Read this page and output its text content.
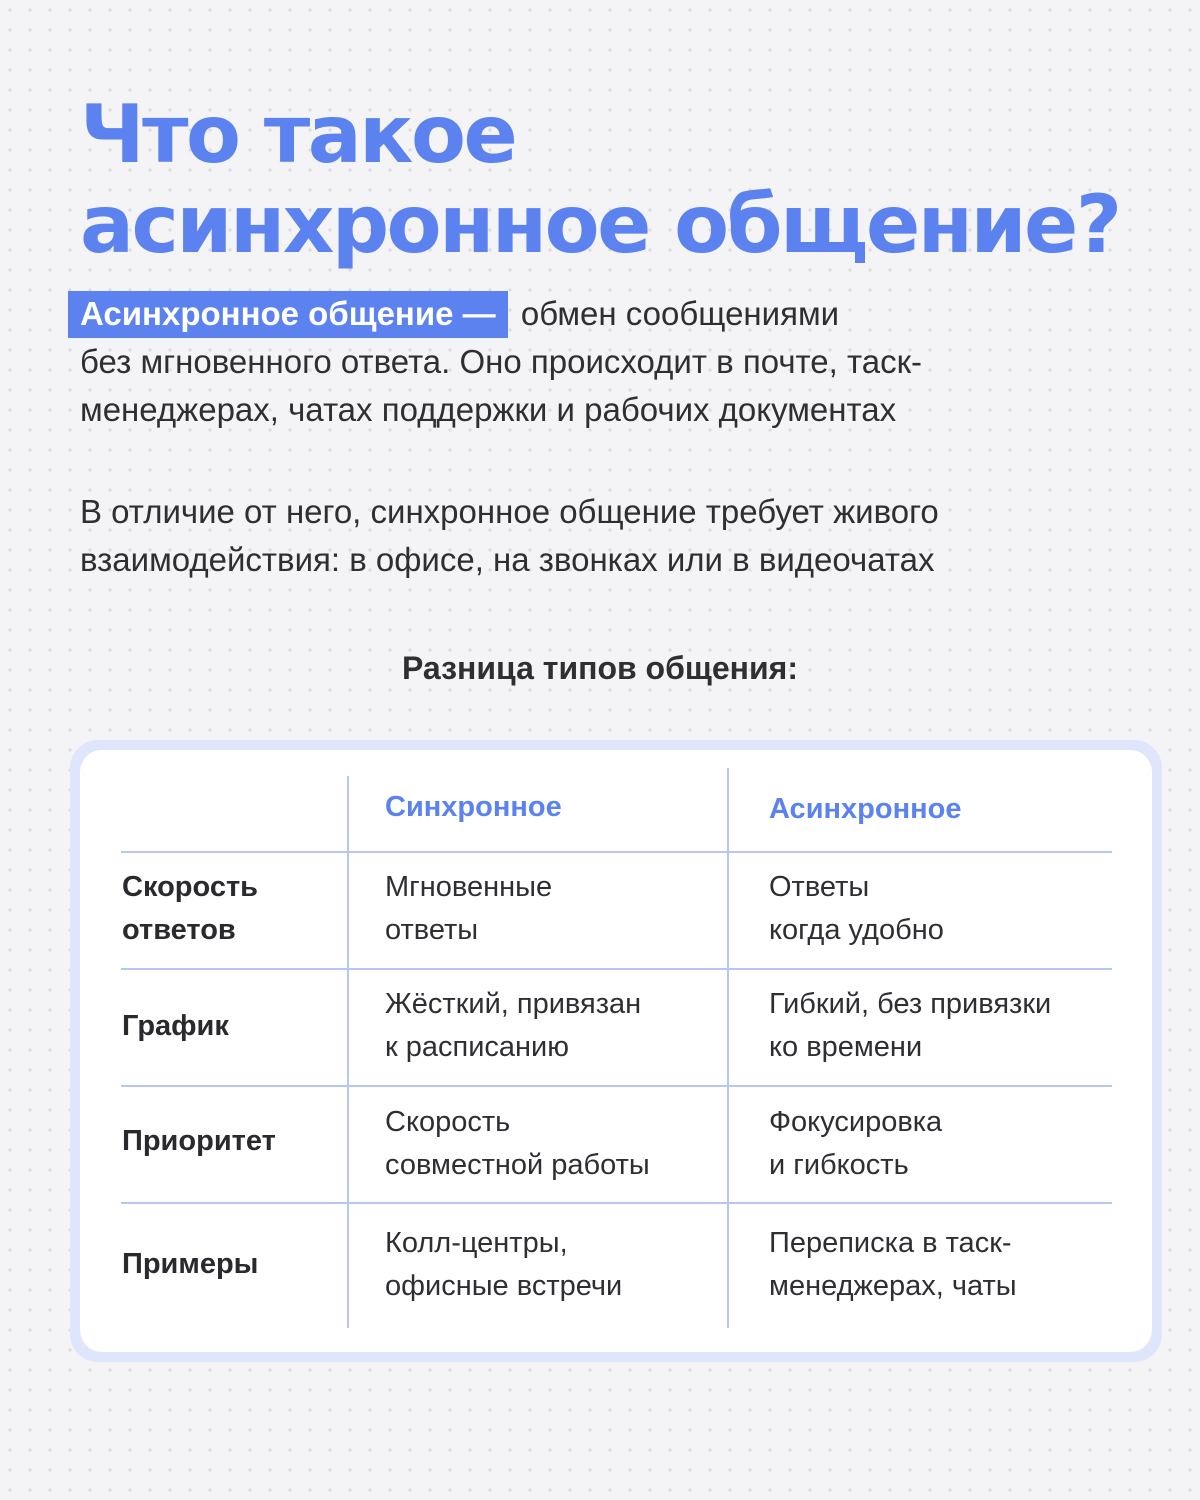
Что такое
асинхронное общение?
Асинхронное общение — обмен сообщениями
без мгновенного ответа. Оно происходит в почте, таск-
менеджерах, чатах поддержки и рабочих документах
В отличие от него, синхронное общение требует живого
взаимодействия: в офисе, на звонках или в видеочатах
Разница типов общения:
Синхронное	Асинхронное
Скорость
ответов
Мгновенные
ответы
Ответы
когда удобно
График
Жёсткий, привязан
к расписанию
Гибкий, без привязки
ко времени
Приоритет
Скорость
совместной работы
Фокусировка
и гибкость
Примеры
Колл-центры,
офисные встречи
Переписка в таск-
менеджерах, чаты
